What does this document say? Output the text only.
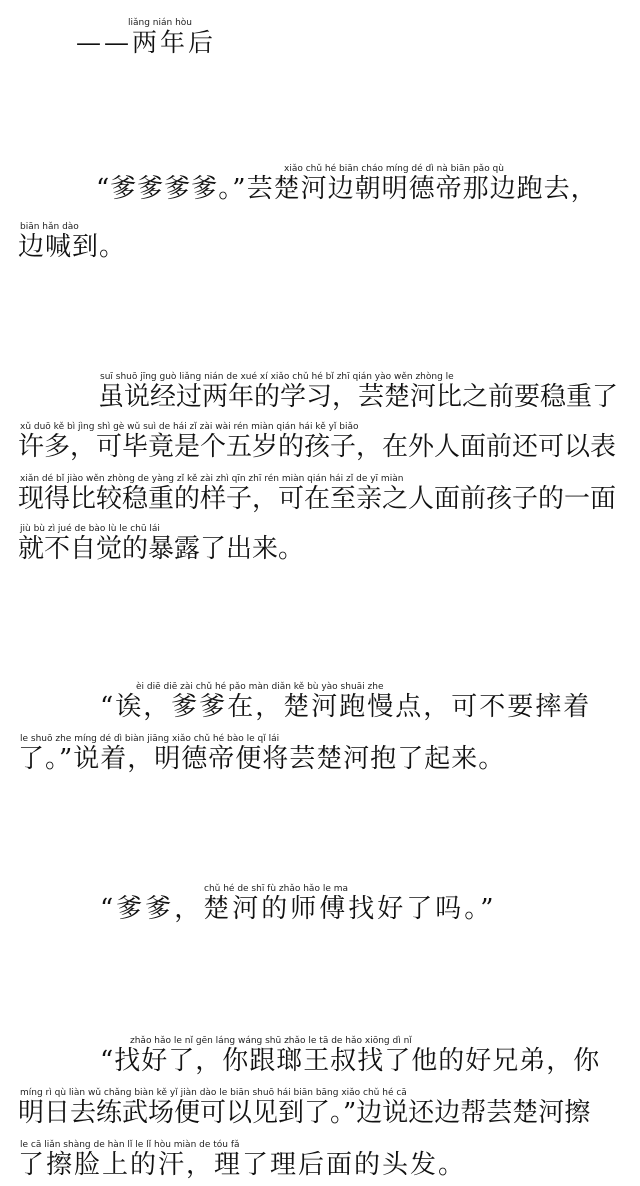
liǎng nián hòu
——两年后
xiǎo chǔ hé biān cháo míng dé dì nà biān pǎo qù
“爹爹爹爹。”芸楚河边朝明德帝那边跑去，
biān hǎn dào
边喊到。
suī shuō jīng guò liǎng nián de xué xí xiǎo chǔ hé bǐ zhī qián yào wěn zhòng le
虽说经过两年的学习，芸楚河比之前要稳重了
xǔ duō kě bì jìng shì gè wǔ suì de hái zǐ zài wài rén miàn qián hái kě yǐ biǎo
许多，可毕竟是个五岁的孩子，在外人面前还可以表
xiǎn dé bǐ jiào wěn zhòng de yàng zǐ kě zài zhì qīn zhī rén miàn qián hái zǐ de yī miàn
现得比较稳重的样子，可在至亲之人面前孩子的一面
jiù bù zì jué de bào lù le chū lái
就不自觉的暴露了出来。
èi diē diē zài chǔ hé pǎo màn diǎn kě bù yào shuāi zhe
“诶，爹爹在，楚河跑慢点，可不要摔着
le shuō zhe míng dé dì biàn jiāng xiǎo chǔ hé bào le qǐ lái
了。”说着，明德帝便将芸楚河抱了起来。
chǔ hé de shī fù zhǎo hǎo le ma
“爹爹，楚河的师傅找好了吗。”
zhǎo hǎo le nǐ gēn láng wáng shū zhǎo le tā de hǎo xiōng dì nǐ
“找好了，你跟瑯王叔找了他的好兄弟，你
míng rì qù liàn wǔ chǎng biàn kě yǐ jiàn dào le biān shuō hái biān bāng xiǎo chǔ hé cā
明日去练武场便可以见到了。”边说还边帮芸楚河擦
le cā liǎn shàng de hàn lǐ le lǐ hòu miàn de tóu fǎ
了擦脸上的汗，理了理后面的头发。
